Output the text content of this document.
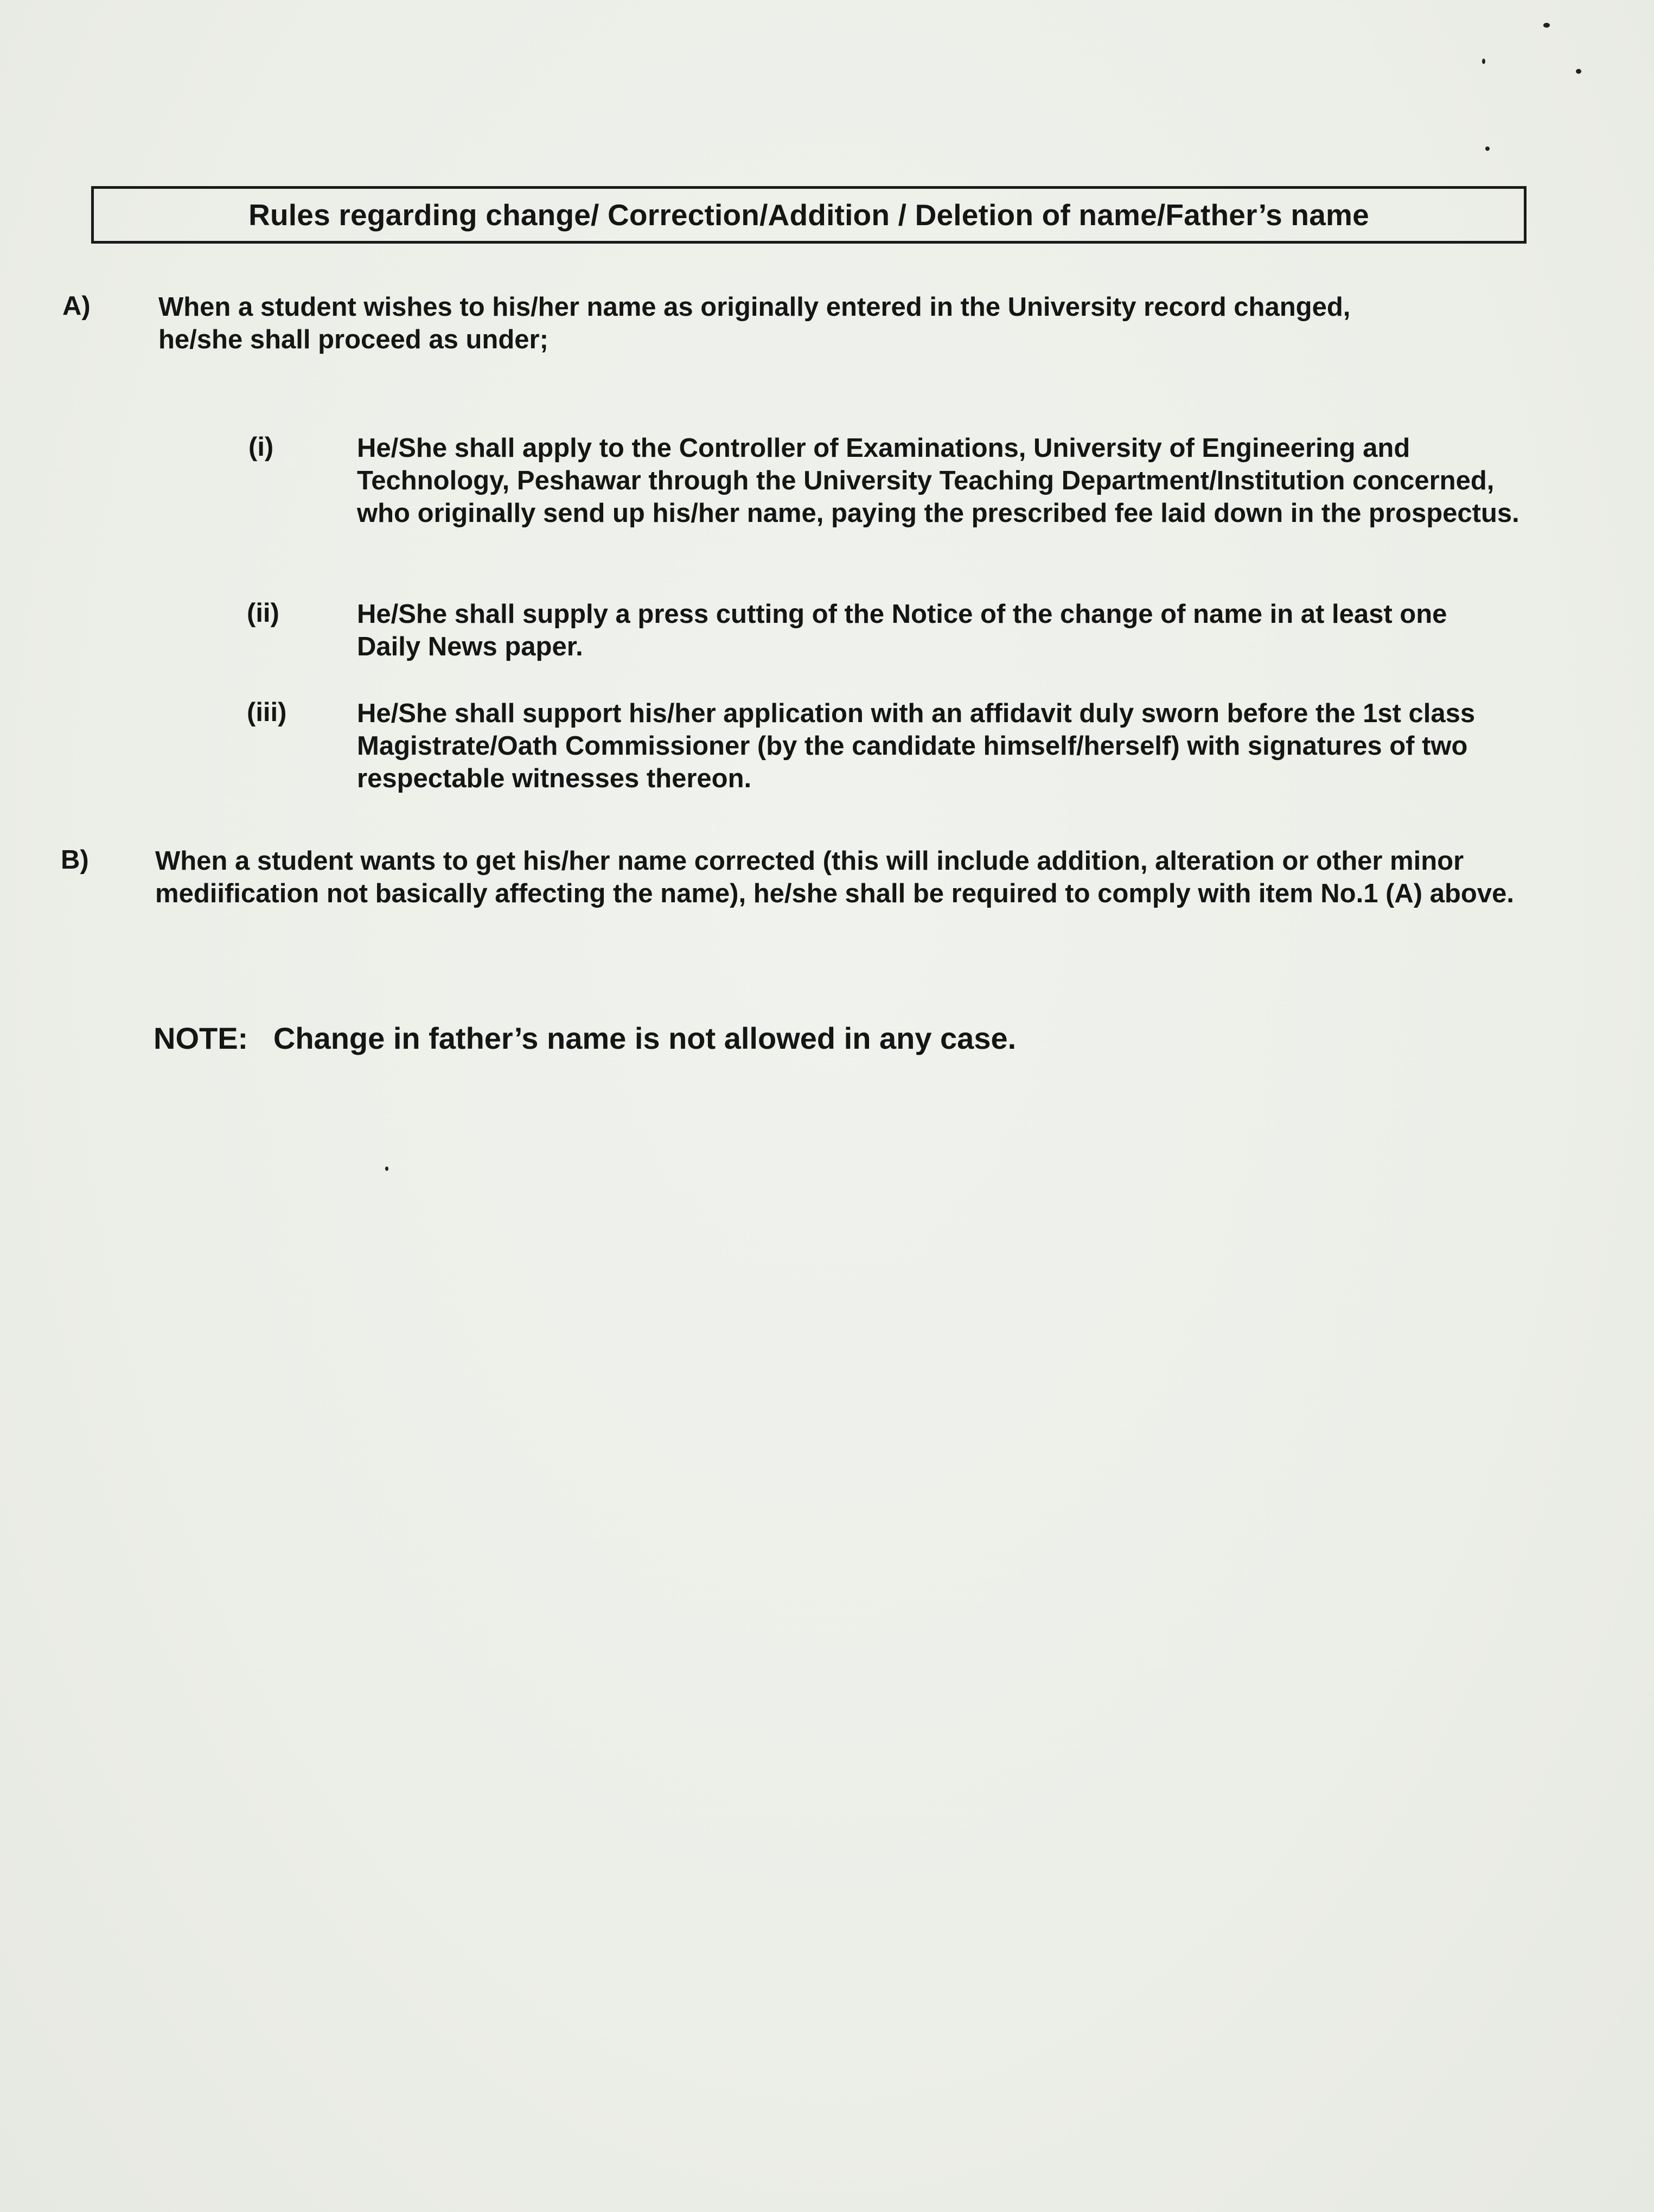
Rules regarding change/ Correction/Addition / Deletion of name/Father’s name
A)	When a student wishes to his/her name as originally entered in the University record changed,
he/she shall proceed as under;
(i)	He/She shall apply to the Controller of Examinations, University of Engineering and
Technology, Peshawar through the University Teaching Department/Institution concerned,
who originally send up his/her name, paying the prescribed fee laid down in the prospectus.
(ii)	He/She shall supply a press cutting of the Notice of the change of name in at least one
Daily News paper.
(iii)	He/She shall support his/her application with an affidavit duly sworn before the 1st class
Magistrate/Oath Commissioner (by the candidate himself/herself) with signatures of two
respectable witnesses thereon.
B) When a student wants to get his/her name corrected (this will include addition, alteration or other minor
mediification not basically affecting the name), he/she shall be required to comply with item No.1 (A) above.
NOTE: Change in father’s name is not allowed in any case.
